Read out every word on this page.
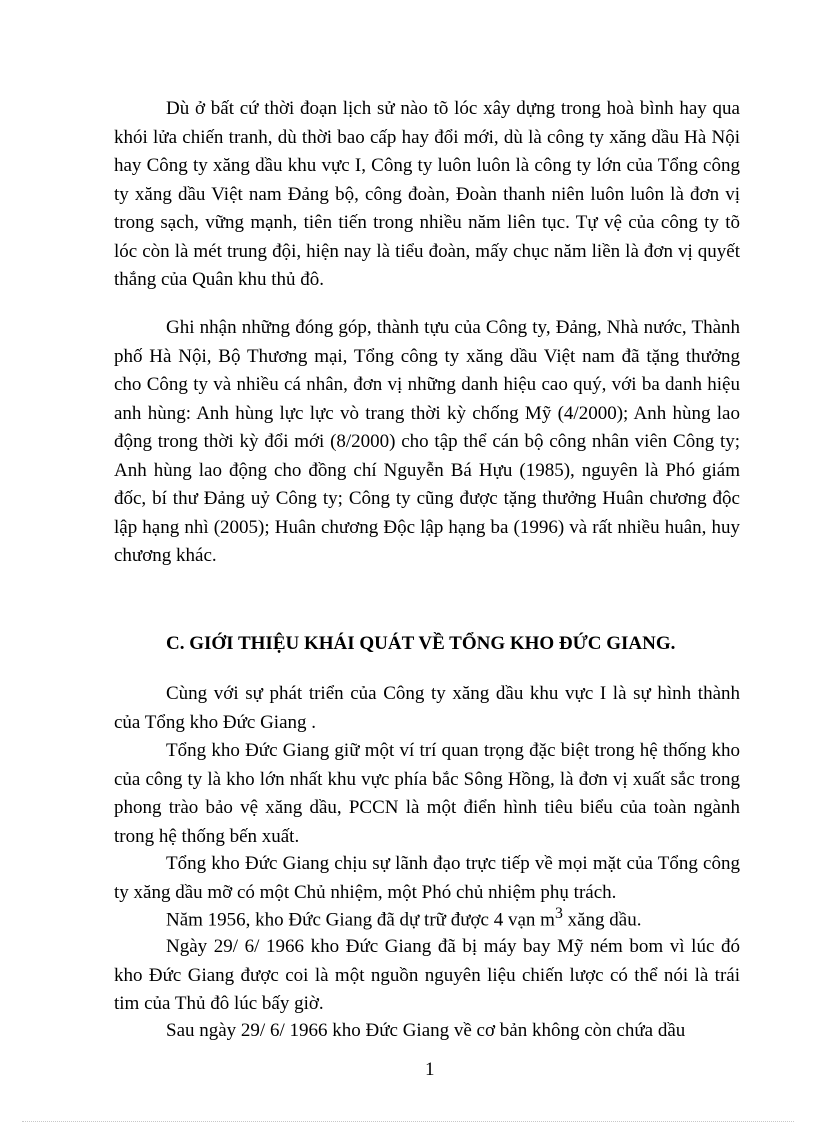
Dù ở bất cứ thời đoạn lịch sử nào tõ lóc xây dựng trong hoà bình hay qua khói lửa chiến tranh, dù thời bao cấp hay đổi mới, dù là công ty xăng dầu Hà Nội hay Công ty xăng dầu khu vực I, Công ty luôn luôn là công ty lớn của Tổng công ty xăng dầu Việt nam Đảng bộ, công đoàn, Đoàn thanh niên luôn luôn là đơn vị trong sạch, vững mạnh, tiên tiến trong nhiều năm liên tục. Tự vệ của công ty tõ lóc còn là mét trung đội, hiện nay là tiểu đoàn, mấy chục năm liền là đơn vị quyết thắng của Quân khu thủ đô.

Ghi nhận những đóng góp, thành tựu của Công ty, Đảng, Nhà nước, Thành phố Hà Nội, Bộ Thương mại, Tổng công ty xăng dầu Việt nam đã tặng thưởng cho Công ty và nhiều cá nhân, đơn vị những danh hiệu cao quý, với ba danh hiệu anh hùng: Anh hùng lực lực vò trang thời kỳ chống Mỹ (4/2000); Anh hùng lao động trong thời kỳ đổi mới (8/2000) cho tập thể cán bộ công nhân viên Công ty; Anh hùng lao động cho đồng chí Nguyễn Bá Hựu (1985), nguyên là Phó giám đốc, bí thư Đảng uỷ Công ty; Công ty cũng được tặng thưởng Huân chương độc lập hạng nhì (2005); Huân chương Độc lập hạng ba (1996) và rất nhiều huân, huy chương khác.

C. GIỚI THIỆU KHÁI QUÁT VỀ TỔNG KHO ĐỨC GIANG.

Cùng với sự phát triển của Công ty xăng dầu khu vực I là sự hình thành của Tổng kho Đức Giang .

Tổng kho Đức Giang giữ một ví trí quan trọng đặc biệt trong hệ thống kho của công ty là kho lớn nhất khu vực phía bắc Sông Hồng, là đơn vị xuất sắc trong phong trào bảo vệ xăng dầu, PCCN là một điển hình tiêu biểu của toàn ngành trong hệ thống bến xuất.

Tổng kho Đức Giang chịu sự lãnh đạo trực tiếp về mọi mặt của Tổng công ty xăng dầu mỡ có một Chủ nhiệm, một Phó chủ nhiệm phụ trách.

Năm 1956, kho Đức Giang đã dự trữ được 4 vạn $m^3$ xăng dầu.

Ngày 29/ 6/ 1966 kho Đức Giang đã bị máy bay Mỹ ném bom vì lúc đó kho Đức Giang được coi là một nguồn nguyên liệu chiến lược có thể nói là trái tim của Thủ đô lúc bấy giờ.

Sau ngày 29/ 6/ 1966 kho Đức Giang về cơ bản không còn chứa dầu

1
